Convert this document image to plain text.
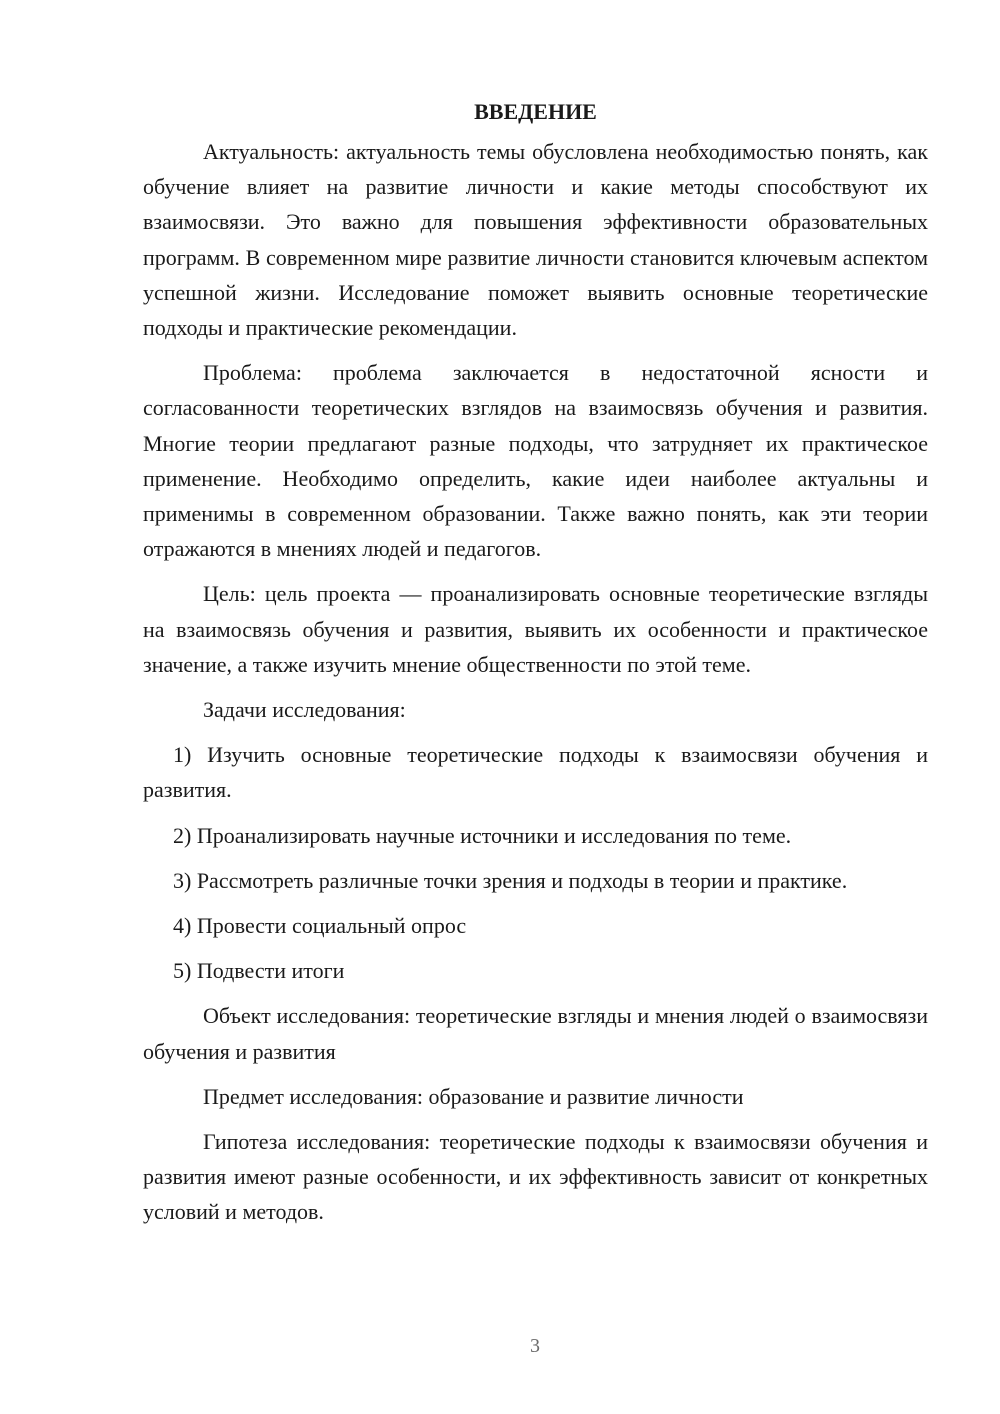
ВВЕДЕНИЕ

Актуальность: актуальность темы обусловлена необходимостью понять, как обучение влияет на развитие личности и какие методы способствуют их взаимосвязи. Это важно для повышения эффективности образовательных программ. В современном мире развитие личности становится ключевым аспектом успешной жизни. Исследование поможет выявить основные теоретические подходы и практические рекомендации.

Проблема: проблема заключается в недостаточной ясности и согласованности теоретических взглядов на взаимосвязь обучения и развития. Многие теории предлагают разные подходы, что затрудняет их практическое применение. Необходимо определить, какие идеи наиболее актуальны и применимы в современном образовании. Также важно понять, как эти теории отражаются в мнениях людей и педагогов.

Цель: цель проекта — проанализировать основные теоретические взгляды на взаимосвязь обучения и развития, выявить их особенности и практическое значение, а также изучить мнение общественности по этой теме.

Задачи исследования:

1) Изучить основные теоретические подходы к взаимосвязи обучения и развития.

2) Проанализировать научные источники и исследования по теме.

3) Рассмотреть различные точки зрения и подходы в теории и практике.

4) Провести социальный опрос

5) Подвести итоги

Объект исследования: теоретические взгляды и мнения людей о взаимосвязи обучения и развития

Предмет исследования: образование и развитие личности

Гипотеза исследования: теоретические подходы к взаимосвязи обучения и развития имеют разные особенности, и их эффективность зависит от конкретных условий и методов.

3
